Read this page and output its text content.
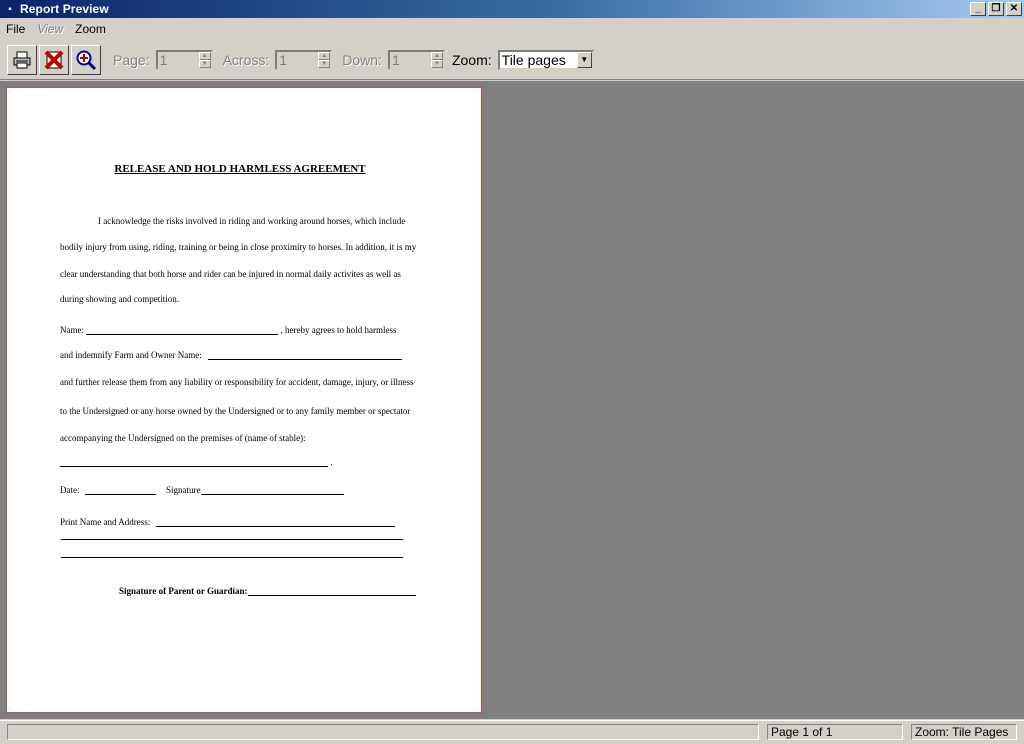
▪ Report Preview	_	❐ ✕
File	View	Zoom
Page:
1	▲
▼ Across:
1	▲
▼ Down:
1	▲
▼ Zoom: Tile pages	▼
RELEASE AND HOLD HARMLESS AGREEMENT
I acknowledge the risks involved in riding and working around horses, which include
bodily injury from using, riding, training or being in close proximity to horses. In addition, it is my
clear understanding that both horse and rider can be injured in normal daily activites as well as
during showing and competition.
Name:	, hereby agrees to hold harmless
and indemnify Farm and Owner Name:
and further release them from any liability or responsibility for accident, damage, injury, or illness
to the Undersigned or any horse owned by the Undersigned or to any family member or spectator
accompanying the Undersigned on the premises of (name of stable):
.
Date:	Signature
Print Name and Address:
Signature of Parent or Guardian:
Page 1 of 1	Zoom: Tile Pages
